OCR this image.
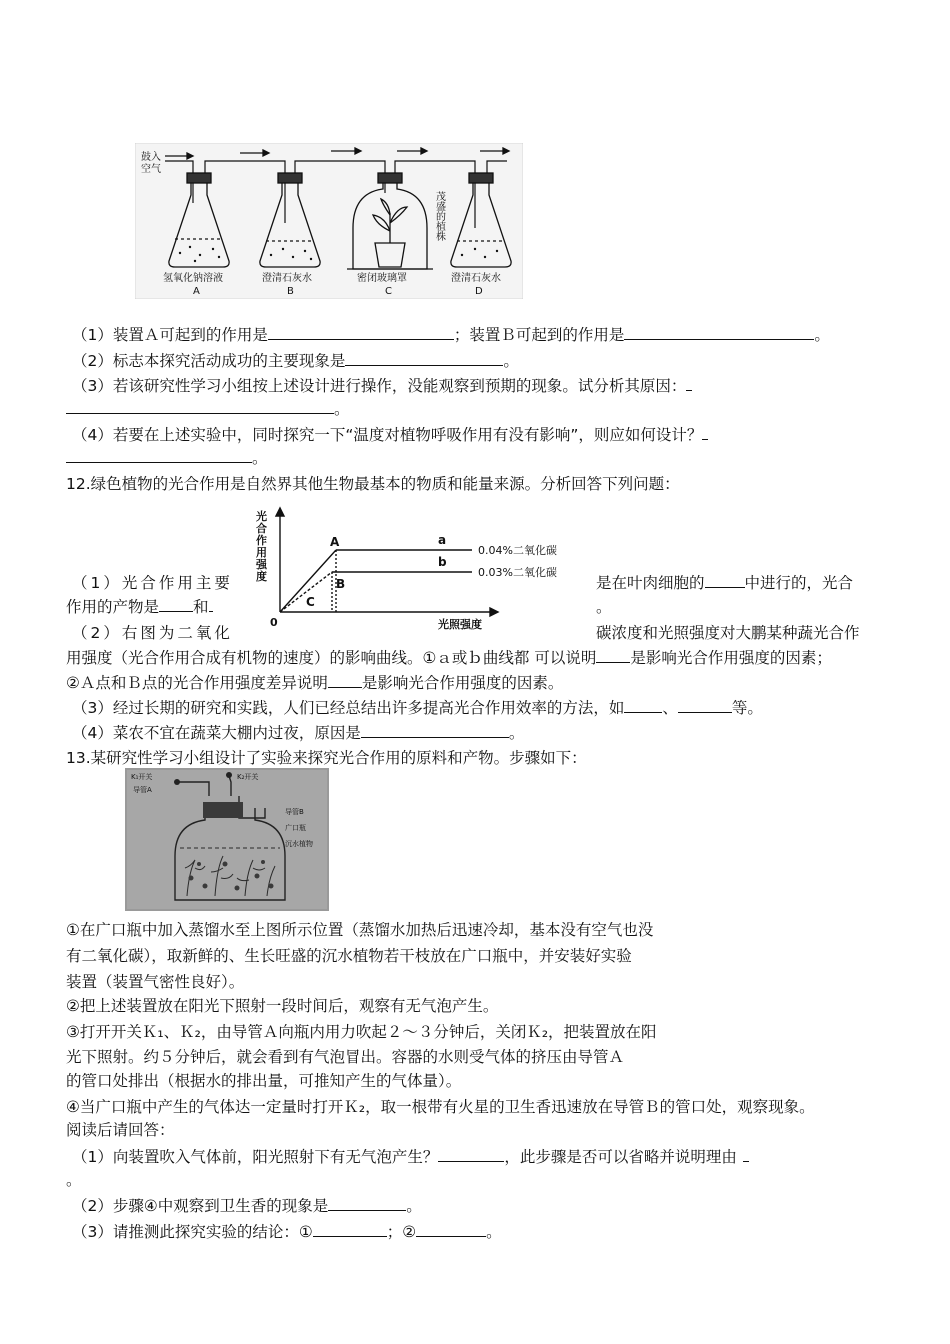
鼓入
空气
茂盛的植株
氢氧化钠溶液
A
澄清石灰水
B
密闭玻璃罩
C
澄清石灰水
D
（1）装置Ａ可起到的作用是	；装置Ｂ可起到的作用是	。
（2）标志本探究活动成功的主要现象是	。
（3）若该研究性学习小组按上述设计进行操作，没能观察到预期的现象。试分析其原因：
。
（4）若要在上述实验中，同时探究一下“温度对植物呼吸作用有没有影响”，则应如何设计？
。
12.绿色植物的光合作用是自然界其他生物最基本的物质和能量来源。分析回答下列问题：
光
合
作
用
强
度
A
B
C
a
b
0.04%二氧化碳
0.03%二氧化碳
0	光照强度
（1）光合作用主要	是在叶肉细胞的	中进行的，光合
作用的产物是 和	。
（2）右图为二氧化	碳浓度和光照强度对大鹏某种蔬光合作
用强度（光合作用合成有机物的速度）的影响曲线。①ａ或ｂ曲线都 可以说明 是影响光合作用强度的因素；
②Ａ点和Ｂ点的光合作用强度差异说明 是影响光合作用强度的因素。
（3）经过长期的研究和实践，人们已经总结出许多提高光合作用效率的方法，如 、	等。
（4）菜农不宜在蔬菜大棚内过夜，原因是	。
13.某研究性学习小组设计了实验来探究光合作用的原料和产物。步骤如下：
K₁开关	K₂开关
导管A
导管B
广口瓶
沉水植物
①在广口瓶中加入蒸馏水至上图所示位置（蒸馏水加热后迅速冷却，基本没有空气也没
有二氧化碳），取新鲜的、生长旺盛的沉水植物若干枝放在广口瓶中，并安装好实验
装置（装置气密性良好）。
②把上述装置放在阳光下照射一段时间后，观察有无气泡产生。
③打开开关Ｋ₁、Ｋ₂，由导管Ａ向瓶内用力吹起２～３分钟后，关闭Ｋ₂，把装置放在阳
光下照射。约５分钟后，就会看到有气泡冒出。容器的水则受气体的挤压由导管Ａ
的管口处排出（根据水的排出量，可推知产生的气体量）。
④当广口瓶中产生的气体达一定量时打开Ｋ₂，取一根带有火星的卫生香迅速放在导管Ｂ的管口处，观察现象。
阅读后请回答：
（1）向装置吹入气体前，阳光照射下有无气泡产生？	，此步骤是否可以省略并说明理由
。
（2）步骤④中观察到卫生香的现象是	。
（3）请推测此探究实验的结论：①	；②	。
